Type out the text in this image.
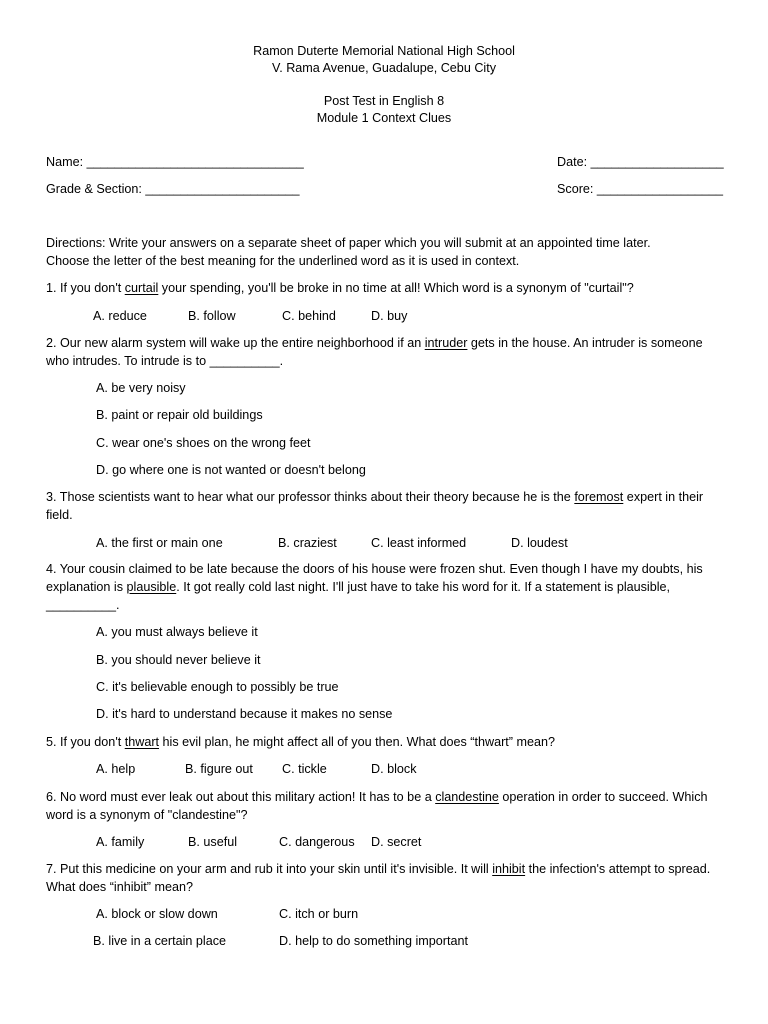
Ramon Duterte Memorial National High School
V. Rama Avenue, Guadalupe, Cebu City
Post Test in English 8
Module 1 Context Clues
Name: _______________________________	Date: ___________________
Grade & Section: ______________________	Score: __________________
Directions: Write your answers on a separate sheet of paper which you will submit at an appointed time later.
Choose the letter of the best meaning for the underlined word as it is used in context.
1. If you don't curtail your spending, you'll be broke in no time at all! Which word is a synonym of "curtail"?
A. reduce	B. follow	C. behind	D. buy
2. Our new alarm system will wake up the entire neighborhood if an intruder gets in the house. An intruder is someone who intrudes. To intrude is to __________.
A. be very noisy
B. paint or repair old buildings
C. wear one's shoes on the wrong feet
D. go where one is not wanted or doesn't belong
3. Those scientists want to hear what our professor thinks about their theory because he is the foremost expert in their field.
A. the first or main one	B. craziest	C. least informed	D. loudest
4. Your cousin claimed to be late because the doors of his house were frozen shut. Even though I have my doubts, his explanation is plausible. It got really cold last night. I'll just have to take his word for it. If a statement is plausible, __________.
A. you must always believe it
B. you should never believe it
C. it's believable enough to possibly be true
D. it's hard to understand because it makes no sense
5. If you don't thwart his evil plan, he might affect all of you then. What does “thwart” mean?
A. help	B. figure out C. tickle	D. block
6. No word must ever leak out about this military action! It has to be a clandestine operation in order to succeed. Which word is a synonym of "clandestine"?
A. family	B. useful	C. dangerous D. secret
7. Put this medicine on your arm and rub it into your skin until it's invisible. It will inhibit the infection's attempt to spread. What does “inhibit” mean?
A. block or slow down	C. itch or burn
B. live in a certain place	D. help to do something important
